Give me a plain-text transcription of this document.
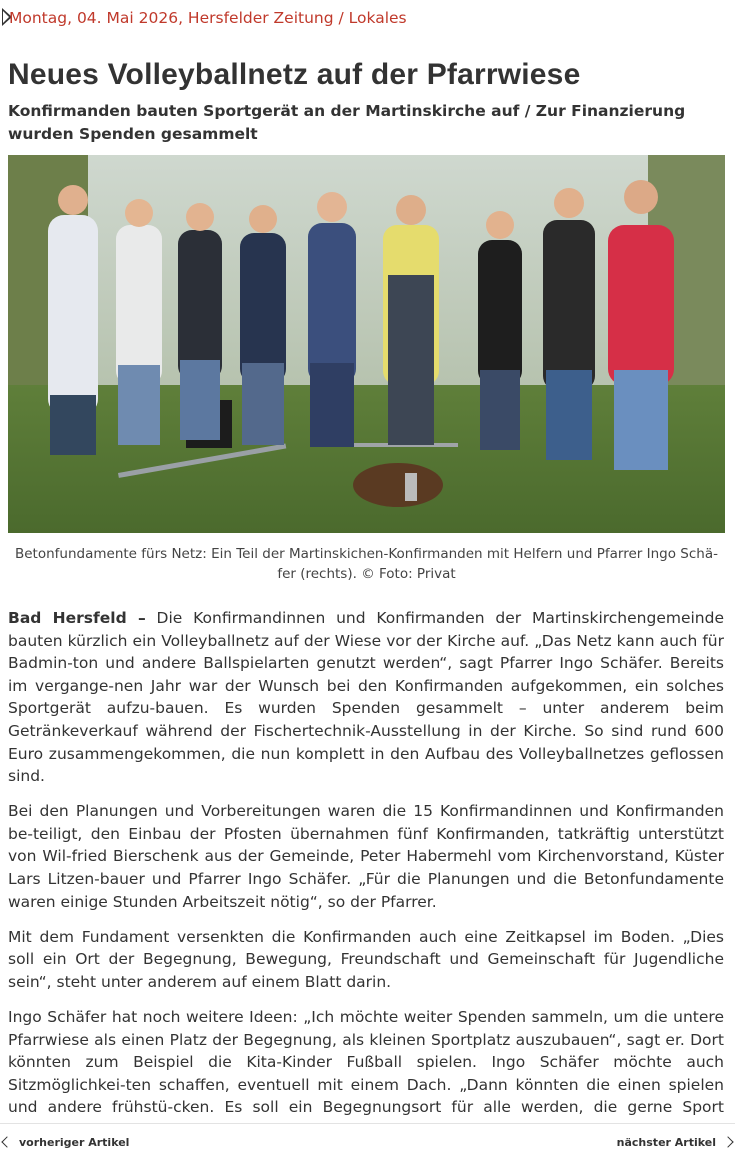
Montag, 04. Mai 2026, Hersfelder Zeitung / Lokales
Neues Volleyballnetz auf der Pfarrwiese
Konfirmanden bauten Sportgerät an der Martinskirche auf / Zur Finanzierung wurden Spenden gesammelt
Betonfundamente fürs Netz: Ein Teil der Martinskichen-Konfirmanden mit Helfern und Pfarrer Ingo Schä-fer (rechts). © Foto: Privat

Bad Hersfeld – Die Konfirmandinnen und Konfirmanden der Martinskirchengemeinde bauten kürzlich ein Volleyballnetz auf der Wiese vor der Kirche auf. „Das Netz kann auch für Badmin-ton und andere Ballspielarten genutzt werden“, sagt Pfarrer Ingo Schäfer. Bereits im vergange-nen Jahr war der Wunsch bei den Konfirmanden aufgekommen, ein solches Sportgerät aufzu-bauen. Es wurden Spenden gesammelt – unter anderem beim Getränkeverkauf während der Fischertechnik-Ausstellung in der Kirche. So sind rund 600 Euro zusammengekommen, die nun komplett in den Aufbau des Volleyballnetzes geflossen sind.

Bei den Planungen und Vorbereitungen waren die 15 Konfirmandinnen und Konfirmanden be-teiligt, den Einbau der Pfosten übernahmen fünf Konfirmanden, tatkräftig unterstützt von Wil-fried Bierschenk aus der Gemeinde, Peter Habermehl vom Kirchenvorstand, Küster Lars Litzen-bauer und Pfarrer Ingo Schäfer. „Für die Planungen und die Betonfundamente waren einige Stunden Arbeitszeit nötig“, so der Pfarrer.

Mit dem Fundament versenkten die Konfirmanden auch eine Zeitkapsel im Boden. „Dies soll ein Ort der Begegnung, Bewegung, Freundschaft und Gemeinschaft für Jugendliche sein“, steht unter anderem auf einem Blatt darin.

Ingo Schäfer hat noch weitere Ideen: „Ich möchte weiter Spenden sammeln, um die untere Pfarrwiese als einen Platz der Begegnung, als kleinen Sportplatz auszubauen“, sagt er. Dort könnten zum Beispiel die Kita-Kinder Fußball spielen. Ingo Schäfer möchte auch Sitzmöglichkei-ten schaffen, eventuell mit einem Dach. „Dann könnten die einen spielen und andere frühstü-cken. Es soll ein Begegnungsort für alle werden, die gerne Sport

vorheriger Artikel	nächster Artikel
